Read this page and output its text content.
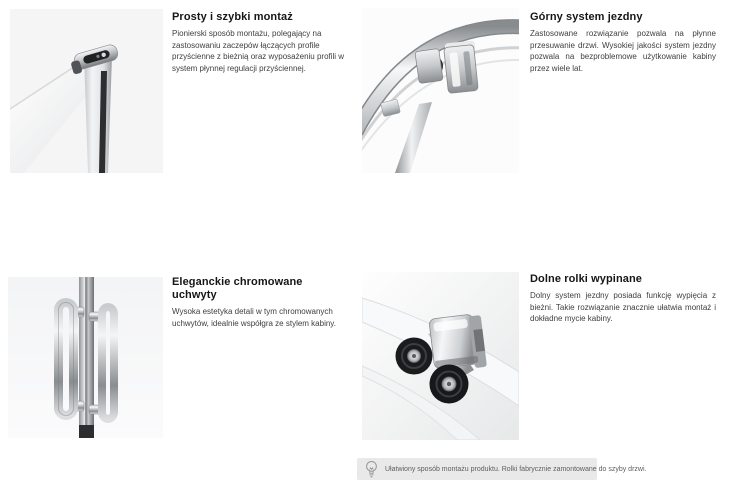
Prosty i szybki montaż

Pionierski sposób montażu, polegający na zastosowaniu zaczepów łączących profile przyścienne z bieżnią oraz wyposażeniu profili w system płynnej regulacji przyściennej.

Górny system jezdny

Zastosowane rozwiązanie pozwala na płynne przesuwanie drzwi. Wysokiej jakości system jezdny pozwala na bezproblemowe użytkowanie kabiny przez wiele lat.

Eleganckie chromowane uchwyty

Wysoka estetyka detali w tym chromowanych uchwytów, idealnie współgra ze stylem kabiny.

Dolne rolki wypinane

Dolny system jezdny posiada funkcję wypięcia z bieżni. Takie rozwiązanie znacznie ułatwia montaż i dokładne mycie kabiny.

Ułatwiony sposób montażu produktu. Rolki fabrycznie zamontowane do szyby drzwi.
